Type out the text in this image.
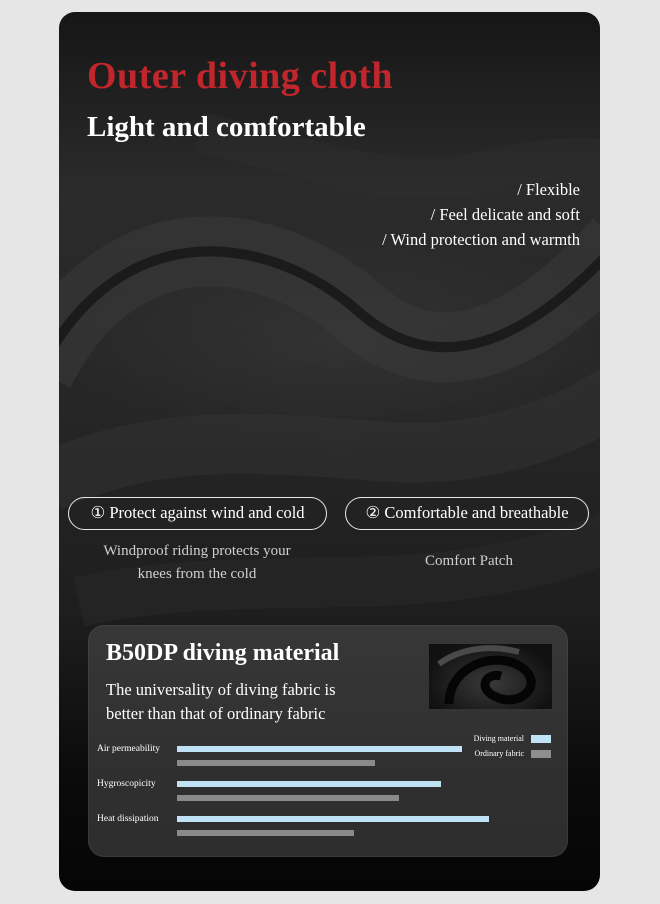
Outer diving cloth
Light and comfortable
/ Flexible
/ Feel delicate and soft
/ Wind protection and warmth
① Protect against wind and cold	② Comfortable and breathable
Windproof riding protects your
knees from the cold
Comfort Patch
B50DP diving material
The universality of diving fabric is
better than that of ordinary fabric
Diving material
Ordinary fabric
Air permeability
Hygroscopicity
Heat dissipation
